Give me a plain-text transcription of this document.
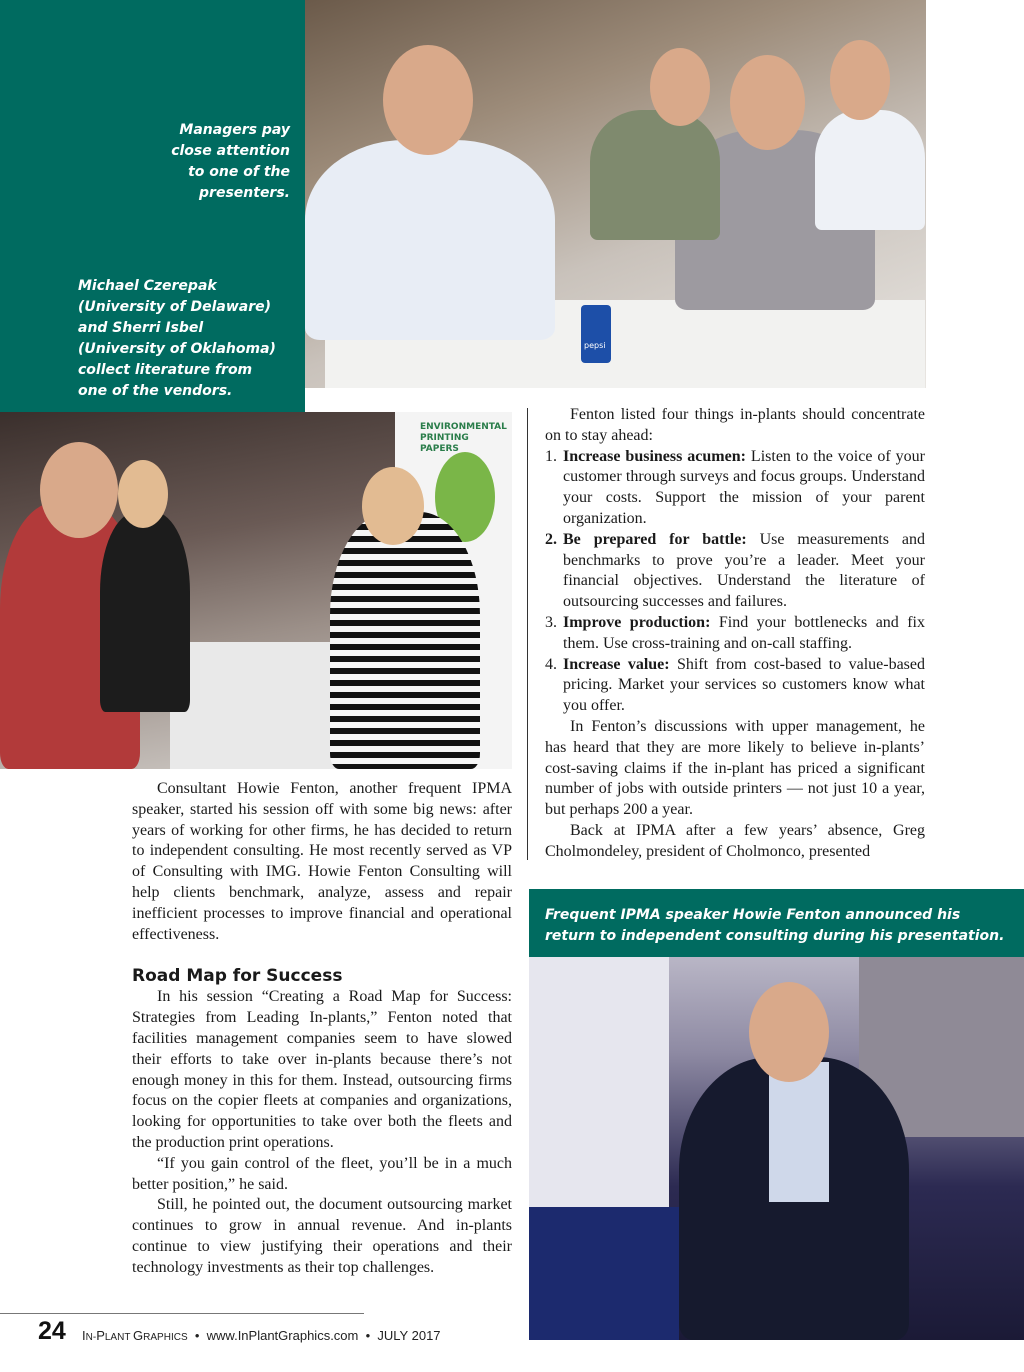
Managers pay
close attention
to one of the
presenters.
Michael Czerepak
(University of Delaware)
and Sherri Isbel
(University of Oklahoma)
collect literature from
one of the vendors.
pepsi
ENVIRONMENTAL
PRINTING PAPERS

Fenton listed four things in-plants should concentrate on to stay ahead:

1. Increase business acumen: Listen to the voice of your customer through surveys and focus groups. Understand your costs. Support the mission of your parent organization.
2. Be prepared for battle: Use measurements and benchmarks to prove you’re a leader. Meet your financial objectives. Understand the literature of outsourcing successes and failures.
3. Improve production: Find your bottlenecks and fix them. Use cross-training and on-call staffing.
4. Increase value: Shift from cost-based to value-based pricing. Market your services so customers know what you offer.

In Fenton’s discussions with upper management, he has heard that they are more likely to believe in-plants’ cost-saving claims if the in-plant has priced a significant number of jobs with outside printers — not just 10 a year, but perhaps 200 a year.

Back at IPMA after a few years’ absence, Greg Cholmondeley, president of Cholmonco, presented

Consultant Howie Fenton, another frequent IPMA speaker, started his session off with some big news: after years of working for other firms, he has decided to return to independent consulting. He most recently served as VP of Consulting with IMG. Howie Fenton Consulting will help clients benchmark, analyze, assess and repair inefficient processes to improve financial and operational effectiveness.

Road Map for Success

In his session “Creating a Road Map for Success: Strategies from Leading In-plants,” Fenton noted that facilities management companies seem to have slowed their efforts to take over in-plants because there’s not enough money in this for them. Instead, outsourcing firms focus on the copier fleets at companies and organizations, looking for opportunities to take over both the fleets and the production print operations.

“If you gain control of the fleet, you’ll be in a much better position,” he said.

Still, he pointed out, the document outsourcing market continues to grow in annual revenue. And in-plants continue to view justifying their operations and their technology investments as their top challenges.

Frequent IPMA speaker Howie Fenton announced his
return to independent consulting during his presentation.
24 IN-PLANT GRAPHICS • www.InPlantGraphics.com • JULY 2017
